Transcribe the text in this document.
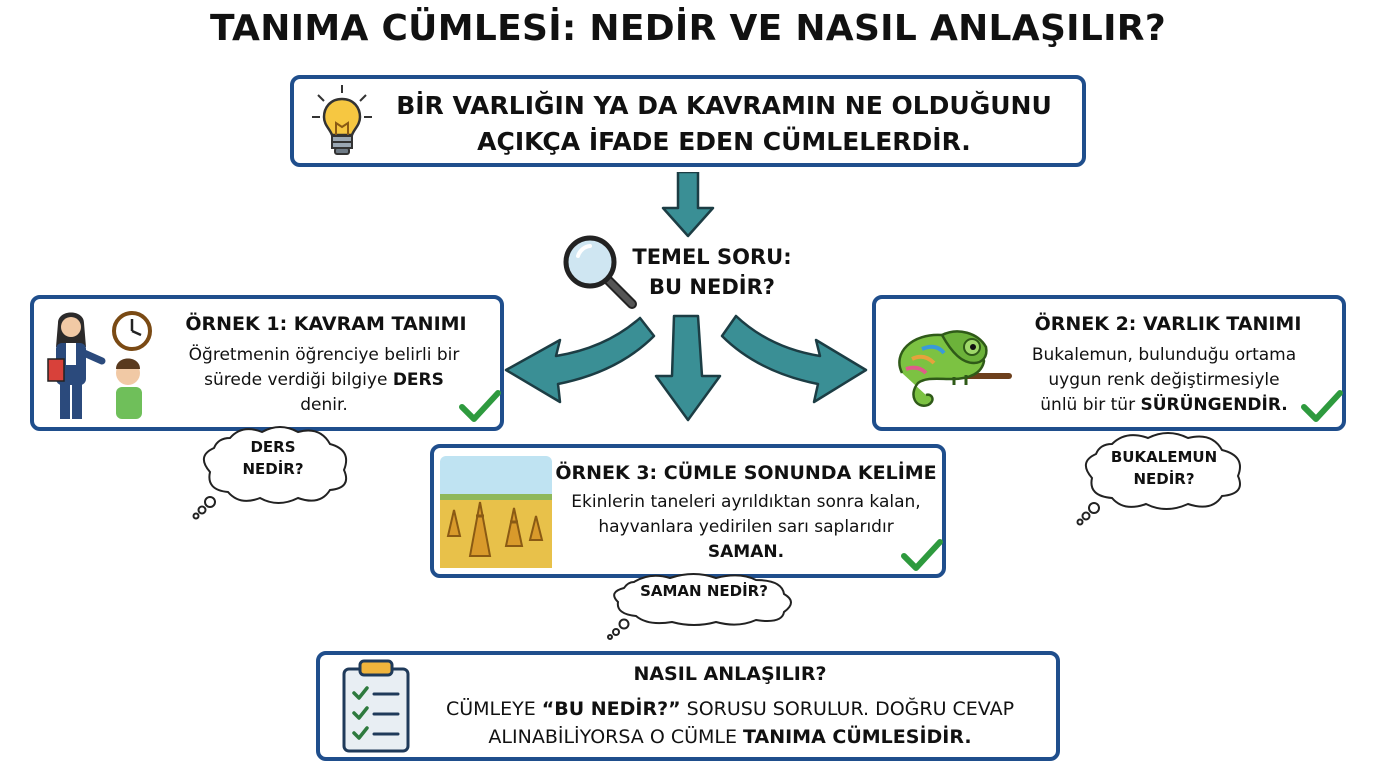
TANIMA CÜMLESİ: NEDİR VE NASIL ANLAŞILIR?
BİR VARLIĞIN YA DA KAVRAMIN NE OLDUĞUNU
AÇIKÇA İFADE EDEN CÜMLELERDİR.
TEMEL SORU:
BU NEDİR?
ÖRNEK 1: KAVRAM TANIMI
Öğretmenin öğrenciye belirli bir
sürede verdiği bilgiye DERS
denir.
DERS
NEDİR?
ÖRNEK 2: VARLIK TANIMI
Bukalemun, bulunduğu ortama
uygun renk değiştirmesiyle
ünlü bir tür SÜRÜNGENDİR.
BUKALEMUN
NEDİR?
ÖRNEK 3: CÜMLE SONUNDA KELİME
Ekinlerin taneleri ayrıldıktan sonra kalan,
hayvanlara yedirilen sarı saplarıdır
SAMAN.
SAMAN NEDİR?
NASIL ANLAŞILIR?
CÜMLEYE “BU NEDİR?” SORUSU SORULUR. DOĞRU CEVAP
ALINABİLİYORSA O CÜMLE TANIMA CÜMLESİDİR.
